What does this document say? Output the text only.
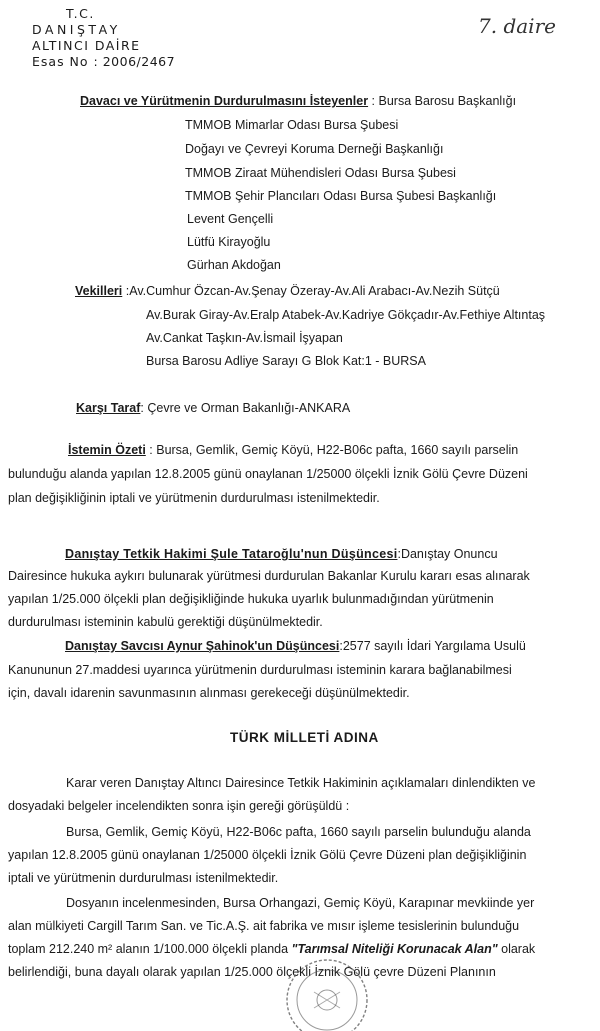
T.C.
DANIŞTAY
ALTINCI DAİRE
Esas No : 2006/2467
7. daire
Davacı ve Yürütmenin Durdurulmasını İsteyenler : Bursa Barosu Başkanlığı
TMMOB Mimarlar Odası Bursa Şubesi
Doğayı ve Çevreyi Koruma Derneği Başkanlığı
TMMOB Ziraat Mühendisleri Odası Bursa Şubesi
TMMOB Şehir Plancıları Odası Bursa Şubesi Başkanlığı
Levent Gençelli
Lütfü Kirayoğlu
Gürhan Akdoğan
Vekilleri :Av.Cumhur Özcan-Av.Şenay Özeray-Av.Ali Arabacı-Av.Nezih Sütçü
Av.Burak Giray-Av.Eralp Atabek-Av.Kadriye Gökçadır-Av.Fethiye Altıntaş
Av.Cankat Taşkın-Av.İsmail İşyapan
Bursa Barosu Adliye Sarayı G Blok Kat:1 - BURSA
Karşı Taraf: Çevre ve Orman Bakanlığı-ANKARA
İstemin Özeti : Bursa, Gemlik, Gemiç Köyü, H22-B06c pafta, 1660 sayılı parselin
bulunduğu alanda yapılan 12.8.2005 günü onaylanan 1/25000 ölçekli İznik Gölü Çevre Düzeni
plan değişikliğinin iptali ve yürütmenin durdurulması istenilmektedir.
Danıştay Tetkik Hakimi Şule Tataroğlu'nun Düşüncesi:Danıştay Onuncu
Dairesince hukuka aykırı bulunarak yürütmesi durdurulan Bakanlar Kurulu kararı esas alınarak
yapılan 1/25.000 ölçekli plan değişikliğinde hukuka uyarlık bulunmadığından yürütmenin
durdurulması isteminin kabulü gerektiği düşünülmektedir.
Danıştay Savcısı Aynur Şahinok'un Düşüncesi:2577 sayılı İdari Yargılama Usulü
Kanununun 27.maddesi uyarınca yürütmenin durdurulması isteminin karara bağlanabilmesi
için, davalı idarenin savunmasının alınması gerekeceği düşünülmektedir.
TÜRK MİLLETİ ADINA
Karar veren Danıştay Altıncı Dairesince Tetkik Hakiminin açıklamaları dinlendikten ve
dosyadaki belgeler incelendikten sonra işin gereği görüşüldü :
Bursa, Gemlik, Gemiç Köyü, H22-B06c pafta, 1660 sayılı parselin bulunduğu alanda
yapılan 12.8.2005 günü onaylanan 1/25000 ölçekli İznik Gölü Çevre Düzeni plan değişikliğinin
iptali ve yürütmenin durdurulması istenilmektedir.
Dosyanın incelenmesinden, Bursa Orhangazi, Gemiç Köyü, Karapınar mevkiinde yer
alan mülkiyeti Cargill Tarım San. ve Tic.A.Ş. ait fabrika ve mısır işleme tesislerinin bulunduğu
toplam 212.240 m² alanın 1/100.000 ölçekli planda "Tarımsal Niteliği Korunacak Alan" olarak
belirlendiği, buna dayalı olarak yapılan 1/25.000 ölçekli İznik Gölü çevre Düzeni Planının
